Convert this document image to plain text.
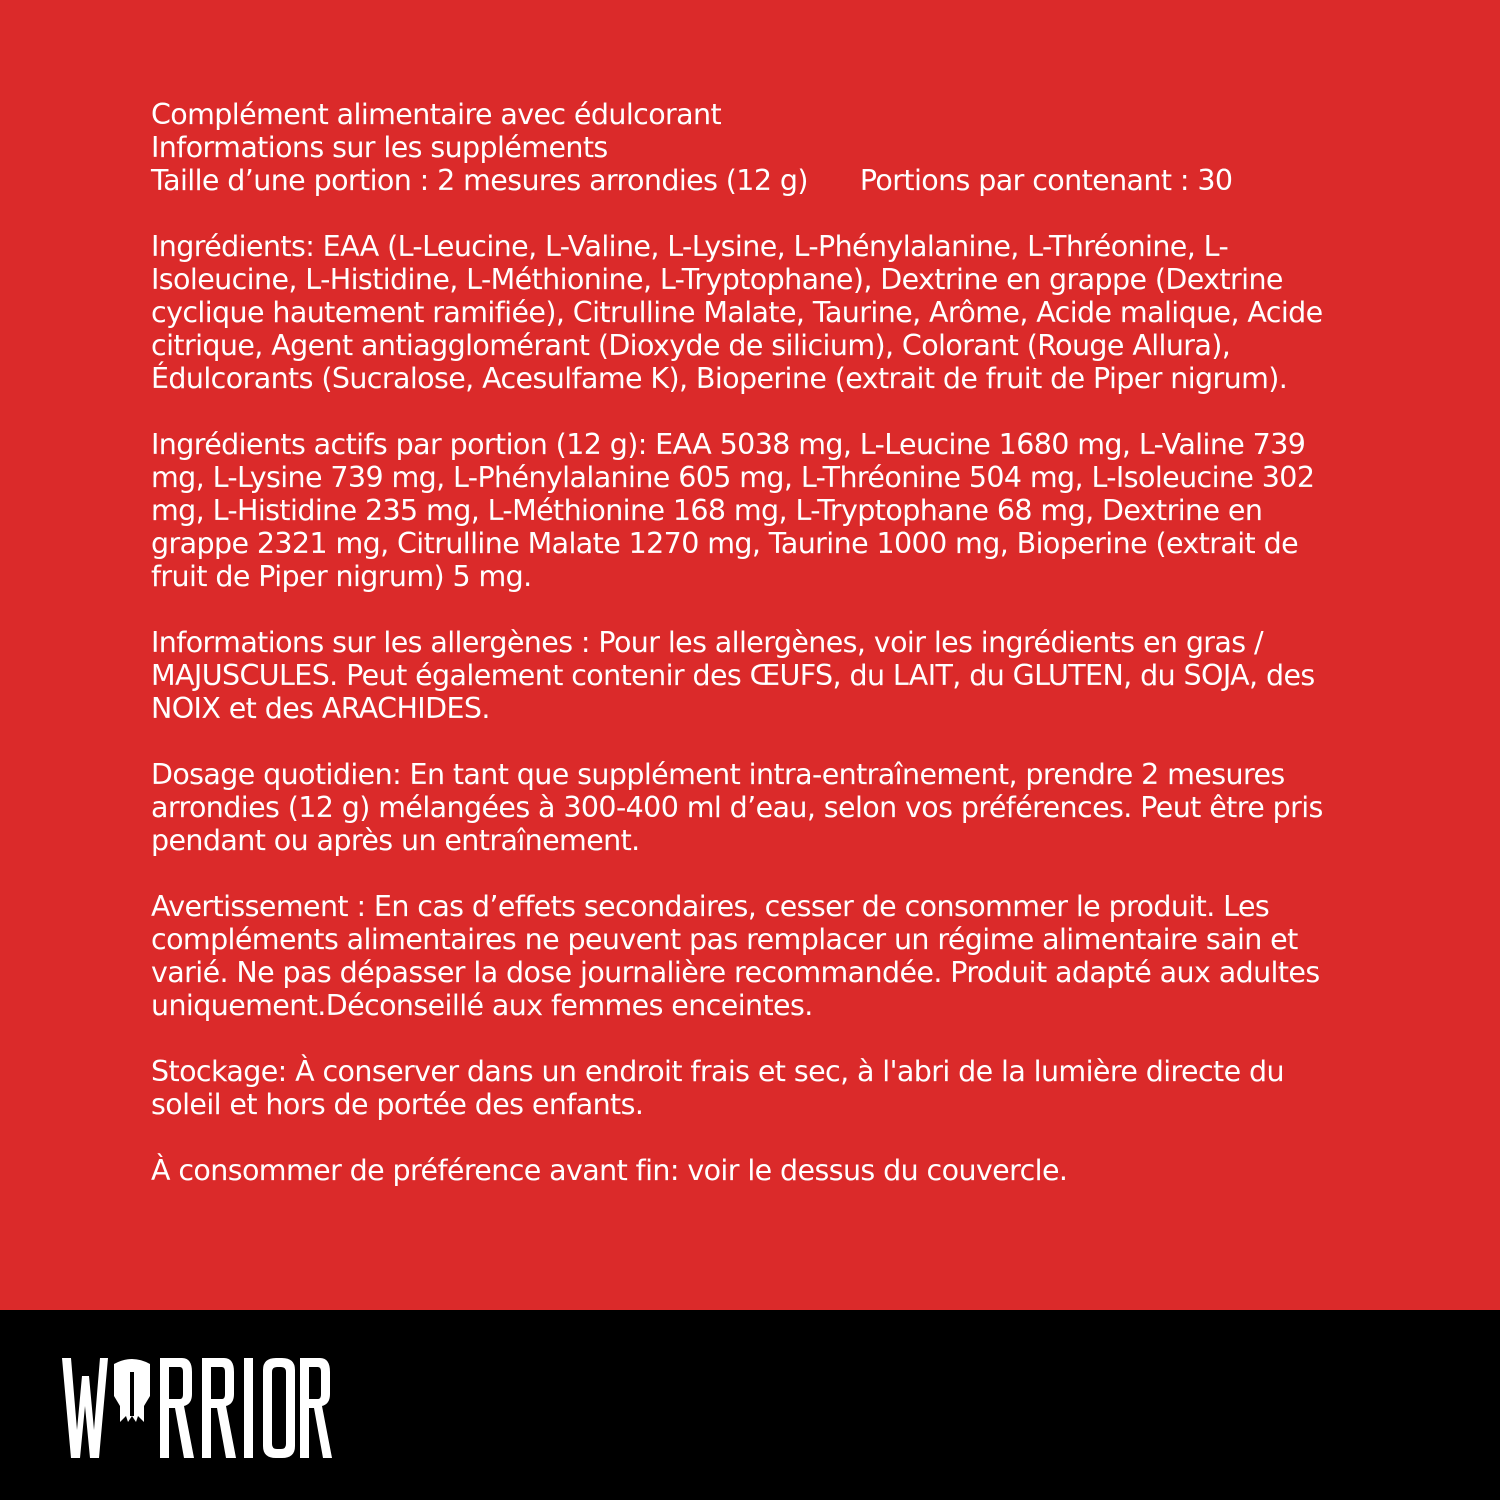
Complément alimentaire avec édulcorant
Informations sur les suppléments
Taille d’une portion : 2 mesures arrondies (12 g) Portions par contenant : 30

Ingrédients: EAA (L-Leucine, L-Valine, L-Lysine, L-Phénylalanine, L-Thréonine, L-Isoleucine, L-Histidine, L-Méthionine, L-Tryptophane), Dextrine en grappe (Dextrine cyclique hautement ramifiée), Citrulline Malate, Taurine, Arôme, Acide malique, Acide citrique, Agent antiagglomérant (Dioxyde de silicium), Colorant (Rouge Allura), Édulcorants (Sucralose, Acesulfame K), Bioperine (extrait de fruit de Piper nigrum).

Ingrédients actifs par portion (12 g): EAA 5038 mg, L-Leucine 1680 mg, L-Valine 739 mg, L-Lysine 739 mg, L-Phénylalanine 605 mg, L-Thréonine 504 mg, L-Isoleucine 302 mg, L-Histidine 235 mg, L-Méthionine 168 mg, L-Tryptophane 68 mg, Dextrine en grappe 2321 mg, Citrulline Malate 1270 mg, Taurine 1000 mg, Bioperine (extrait de fruit de Piper nigrum) 5 mg.

Informations sur les allergènes : Pour les allergènes, voir les ingrédients en gras / MAJUSCULES. Peut également contenir des ŒUFS, du LAIT, du GLUTEN, du SOJA, des NOIX et des ARACHIDES.

Dosage quotidien: En tant que supplément intra-entraînement, prendre 2 mesures arrondies (12 g) mélangées à 300-400 ml d’eau, selon vos préférences. Peut être pris pendant ou après un entraînement.

Avertissement : En cas d’effets secondaires, cesser de consommer le produit. Les compléments alimentaires ne peuvent pas remplacer un régime alimentaire sain et varié. Ne pas dépasser la dose journalière recommandée. Produit adapté aux adultes uniquement.Déconseillé aux femmes enceintes.

Stockage: À conserver dans un endroit frais et sec, à l'abri de la lumière directe du soleil et hors de portée des enfants.

À consommer de préférence avant fin: voir le dessus du couvercle.
